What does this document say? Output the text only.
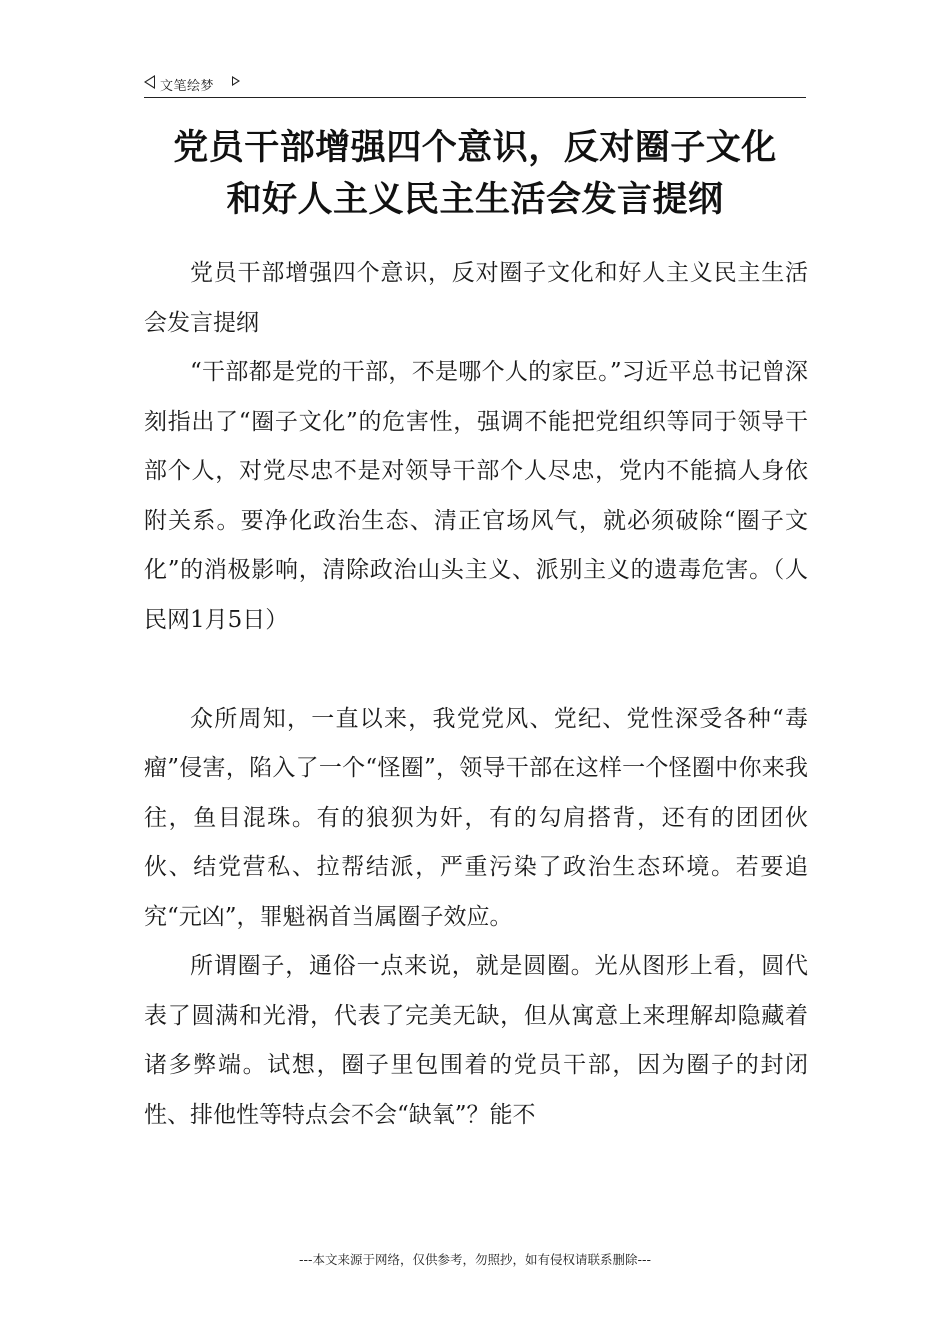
文笔绘梦
党员干部增强四个意识，反对圈子文化
和好人主义民主生活会发言提纲

党员干部增强四个意识，反对圈子文化和好人主义民主生活会发言提纲

“干部都是党的干部，不是哪个人的家臣。”习近平总书记曾深刻指出了“圈子文化”的危害性，强调不能把党组织等同于领导干部个人，对党尽忠不是对领导干部个人尽忠，党内不能搞人身依附关系。要净化政治生态、清正官场风气，就必须破除“圈子文化”的消极影响，清除政治山头主义、派别主义的遗毒危害。（人民网1月5日）

众所周知，一直以来，我党党风、党纪、党性深受各种“毒瘤”侵害，陷入了一个“怪圈”，领导干部在这样一个怪圈中你来我往，鱼目混珠。有的狼狈为奸，有的勾肩搭背，还有的团团伙伙、结党营私、拉帮结派，严重污染了政治生态环境。若要追究“元凶”，罪魁祸首当属圈子效应。

所谓圈子，通俗一点来说，就是圆圈。光从图形上看，圆代表了圆满和光滑，代表了完美无缺，但从寓意上来理解却隐藏着诸多弊端。试想，圈子里包围着的党员干部，因为圈子的封闭性、排他性等特点会不会“缺氧”？能不

---本文来源于网络，仅供参考，勿照抄，如有侵权请联系删除---
